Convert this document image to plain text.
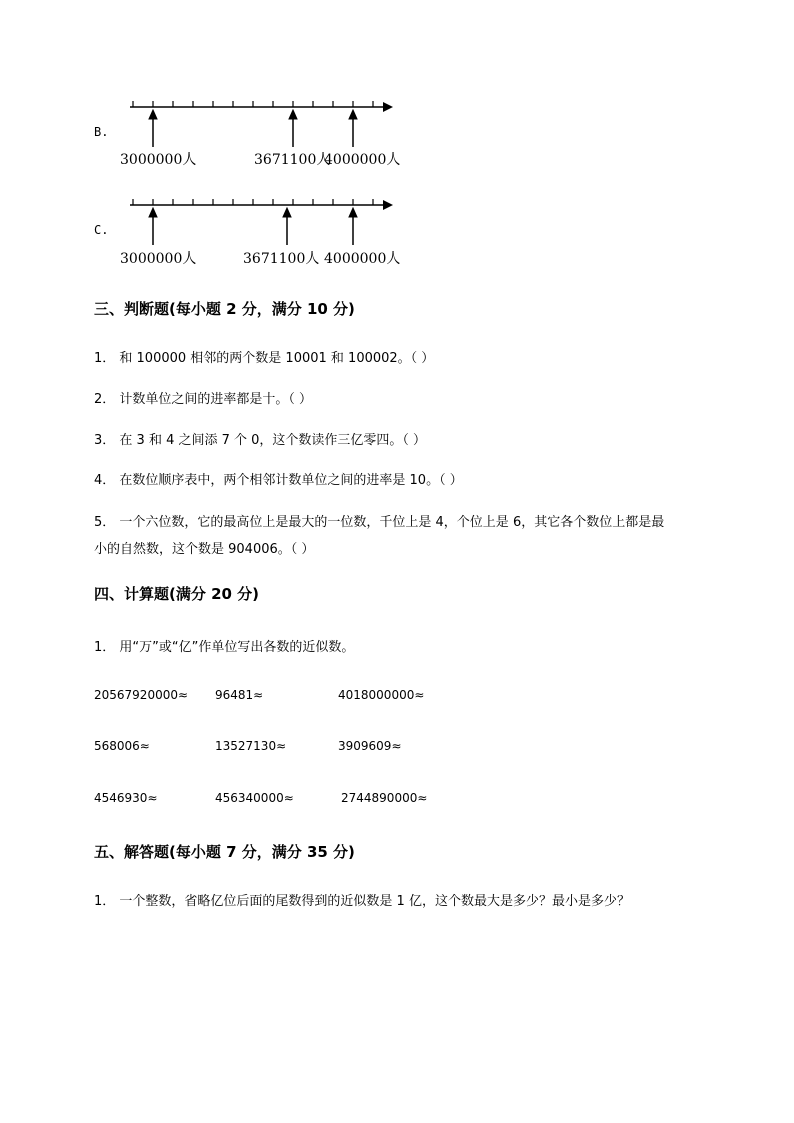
B.
3000000人	3671100人
4000000人
C.
3000000人	3671100人 4000000人
三、判断题(每小题 2 分，满分 10 分)
1． 和 100000 相邻的两个数是 10001 和 100002。（ ）
2． 计数单位之间的进率都是十。（ ）
3． 在 3 和 4 之间添 7 个 0，这个数读作三亿零四。（ ）
4． 在数位顺序表中，两个相邻计数单位之间的进率是 10。（ ）
5． 一个六位数，它的最高位上是最大的一位数，千位上是 4，个位上是 6，其它各个数位上都是最
小的自然数，这个数是 904006。（ ）
四、计算题(满分 20 分)
1． 用“万”或“亿”作单位写出各数的近似数。
20567920000≈ 96481≈	4018000000≈
568006≈	13527130≈	3909609≈
4546930≈	456340000≈	2744890000≈
五、解答题(每小题 7 分，满分 35 分)
1． 一个整数，省略亿位后面的尾数得到的近似数是 1 亿，这个数最大是多少？最小是多少？
